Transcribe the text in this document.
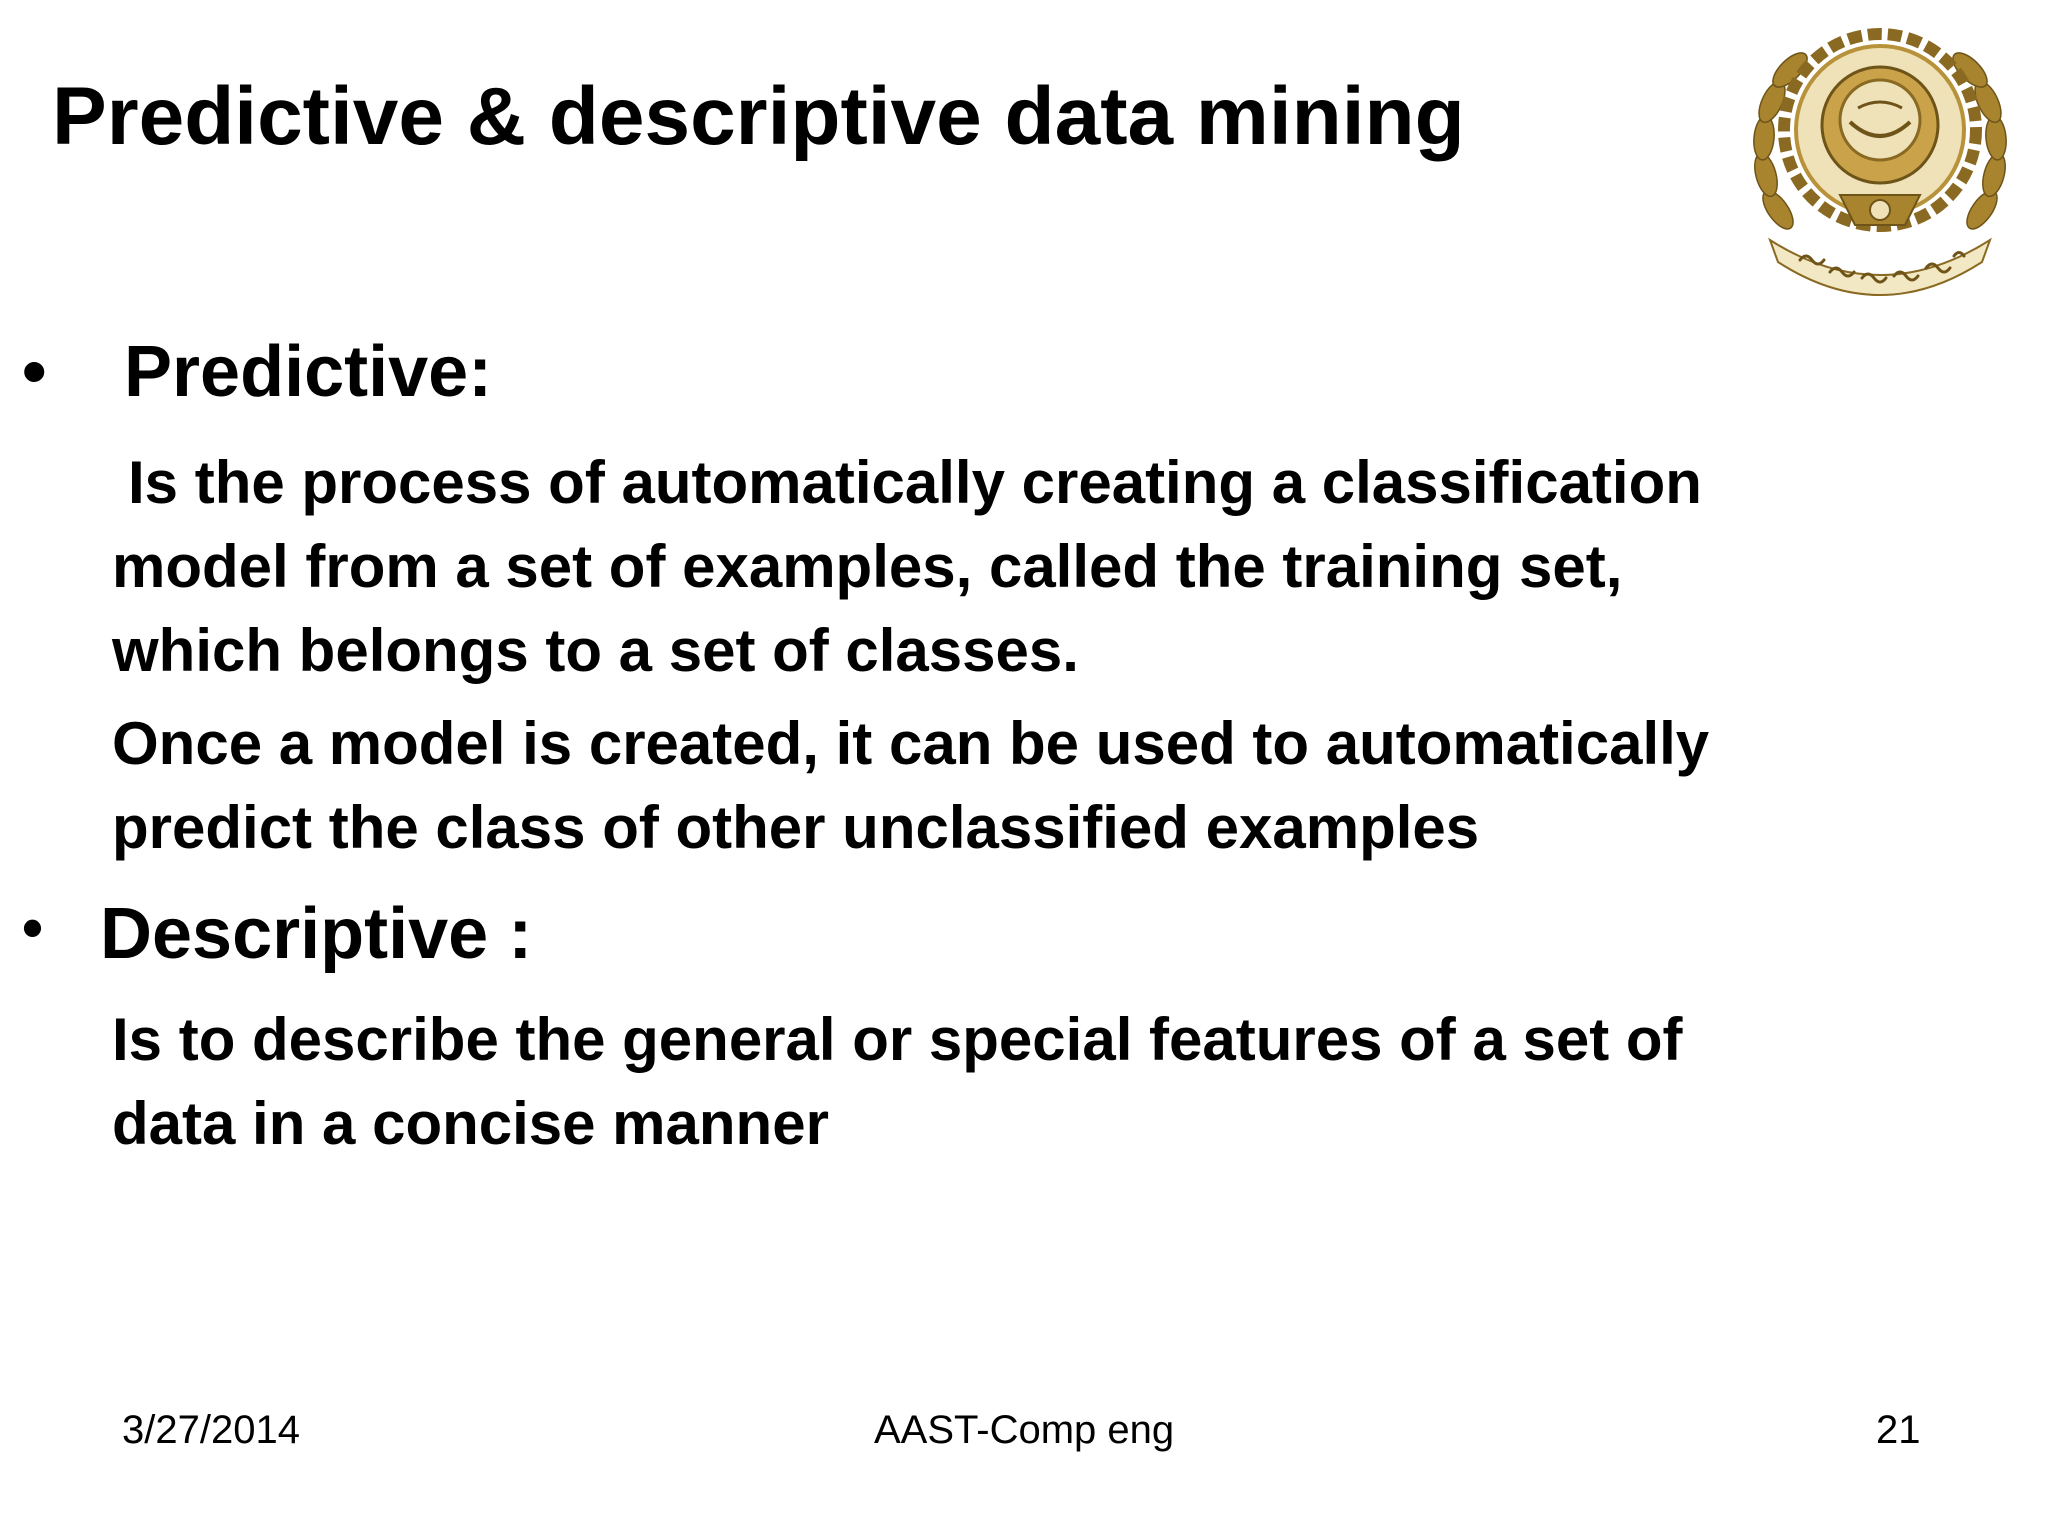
Predictive & descriptive data mining
• Predictive:

Is the process of automatically creating a classification
model from a set of examples, called the training set,
which belongs to a set of classes.

Once a model is created, it can be used to automatically
predict the class of other unclassified examples

• Descriptive :

Is to describe the general or special features of a set of
data in a concise manner

3/27/2014	AAST-Comp eng	21
